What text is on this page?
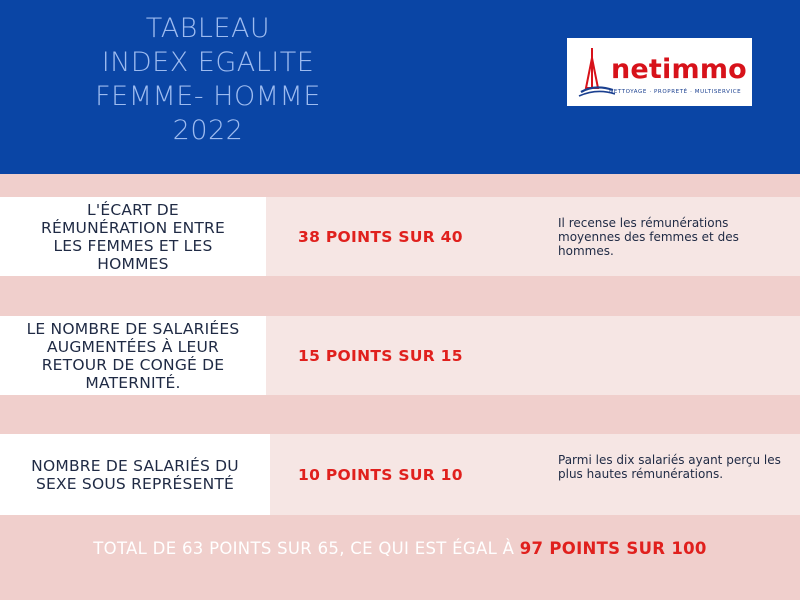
TABLEAU
INDEX EGALITE
FEMME- HOMME
2022
netimmo
NETTOYAGE · PROPRETÉ · MULTISERVICE
L'ÉCART DE
RÉMUNÉRATION ENTRE
LES FEMMES ET LES
HOMMES
38 POINTS SUR 40
Il recense les rémunérations moyennes des femmes et des hommes.
LE NOMBRE DE SALARIÉES
AUGMENTÉES À LEUR
RETOUR DE CONGÉ DE
MATERNITÉ.
15 POINTS SUR 15
NOMBRE DE SALARIÉS DU
SEXE SOUS REPRÉSENTÉ	10 POINTS SUR 10
Parmi les dix salariés ayant perçu les plus hautes rémunérations.
TOTAL DE 63 POINTS SUR 65, CE QUI EST ÉGAL À 97 POINTS SUR 100
